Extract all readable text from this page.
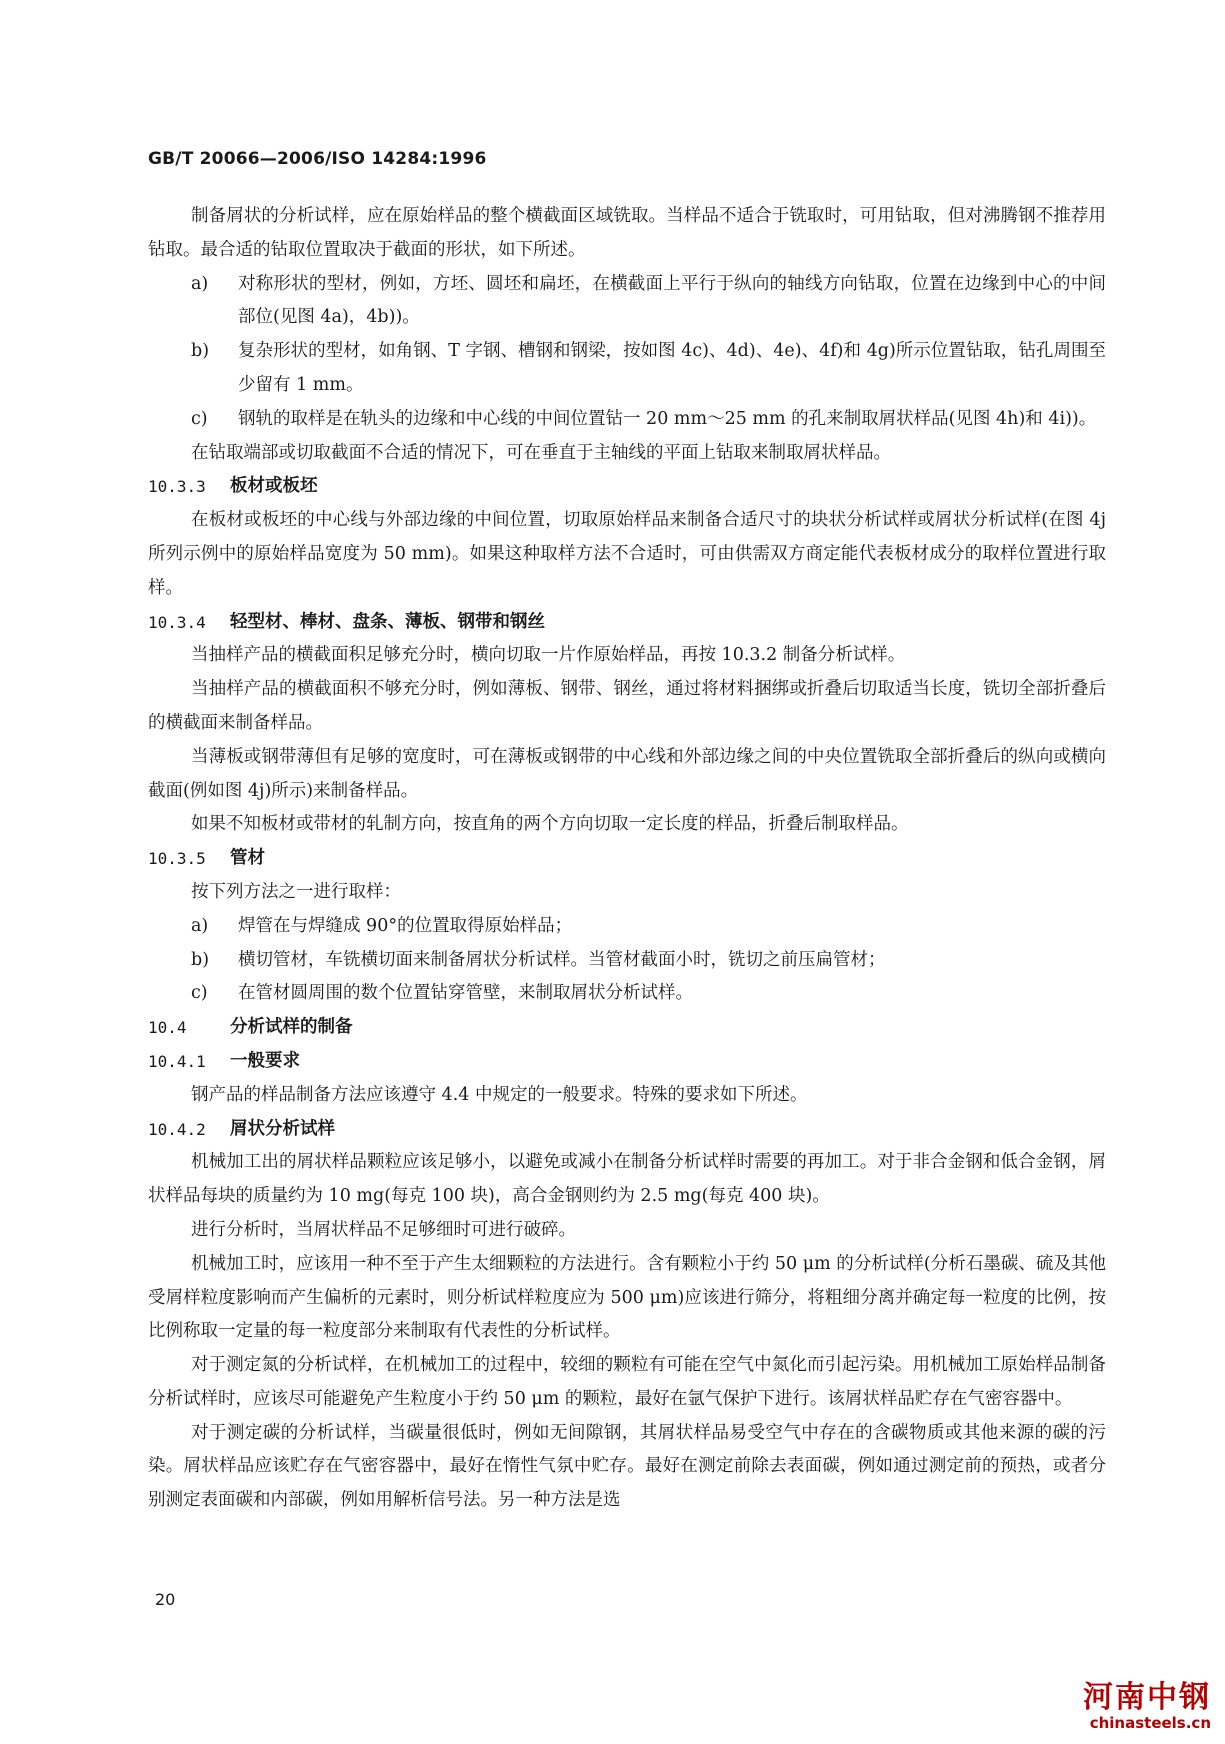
GB/T 20066—2006/ISO 14284:1996

制备屑状的分析试样，应在原始样品的整个横截面区域铣取。当样品不适合于铣取时，可用钻取，但对沸腾钢不推荐用钻取。最合适的钻取位置取决于截面的形状，如下所述。

a)	对称形状的型材，例如，方坯、圆坯和扁坯，在横截面上平行于纵向的轴线方向钻取，位置在边缘到中心的中间部位(见图 4a)，4b))。
b)	复杂形状的型材，如角钢、T 字钢、槽钢和钢梁，按如图 4c)、4d)、4e)、4f)和 4g)所示位置钻取，钻孔周围至少留有 1 mm。
c)	钢轨的取样是在轨头的边缘和中心线的中间位置钻一 20 mm～25 mm 的孔来制取屑状样品(见图 4h)和 4i))。

在钻取端部或切取截面不合适的情况下，可在垂直于主轴线的平面上钻取来制取屑状样品。

10.3.3	板材或板坯

在板材或板坯的中心线与外部边缘的中间位置，切取原始样品来制备合适尺寸的块状分析试样或屑状分析试样(在图 4j 所列示例中的原始样品宽度为 50 mm)。如果这种取样方法不合适时，可由供需双方商定能代表板材成分的取样位置进行取样。

10.3.4	轻型材、棒材、盘条、薄板、钢带和钢丝

当抽样产品的横截面积足够充分时，横向切取一片作原始样品，再按 10.3.2 制备分析试样。

当抽样产品的横截面积不够充分时，例如薄板、钢带、钢丝，通过将材料捆绑或折叠后切取适当长度，铣切全部折叠后的横截面来制备样品。

当薄板或钢带薄但有足够的宽度时，可在薄板或钢带的中心线和外部边缘之间的中央位置铣取全部折叠后的纵向或横向截面(例如图 4j)所示)来制备样品。

如果不知板材或带材的轧制方向，按直角的两个方向切取一定长度的样品，折叠后制取样品。

10.3.5	管材

按下列方法之一进行取样：

a)	焊管在与焊缝成 90°的位置取得原始样品；
b)	横切管材，车铣横切面来制备屑状分析试样。当管材截面小时，铣切之前压扁管材；
c)	在管材圆周围的数个位置钻穿管壁，来制取屑状分析试样。
10.4	分析试样的制备
10.4.1	一般要求

钢产品的样品制备方法应该遵守 4.4 中规定的一般要求。特殊的要求如下所述。

10.4.2	屑状分析试样

机械加工出的屑状样品颗粒应该足够小，以避免或减小在制备分析试样时需要的再加工。对于非合金钢和低合金钢，屑状样品每块的质量约为 10 mg(每克 100 块)，高合金钢则约为 2.5 mg(每克 400 块)。

进行分析时，当屑状样品不足够细时可进行破碎。

机械加工时，应该用一种不至于产生太细颗粒的方法进行。含有颗粒小于约 50 μm 的分析试样(分析石墨碳、硫及其他受屑样粒度影响而产生偏析的元素时，则分析试样粒度应为 500 μm)应该进行筛分，将粗细分离并确定每一粒度的比例，按比例称取一定量的每一粒度部分来制取有代表性的分析试样。

对于测定氮的分析试样，在机械加工的过程中，较细的颗粒有可能在空气中氮化而引起污染。用机械加工原始样品制备分析试样时，应该尽可能避免产生粒度小于约 50 μm 的颗粒，最好在氩气保护下进行。该屑状样品贮存在气密容器中。

对于测定碳的分析试样，当碳量很低时，例如无间隙钢，其屑状样品易受空气中存在的含碳物质或其他来源的碳的污染。屑状样品应该贮存在气密容器中，最好在惰性气氛中贮存。最好在测定前除去表面碳，例如通过测定前的预热，或者分别测定表面碳和内部碳，例如用解析信号法。另一种方法是选

20
河南中钢
chinasteels.cn
